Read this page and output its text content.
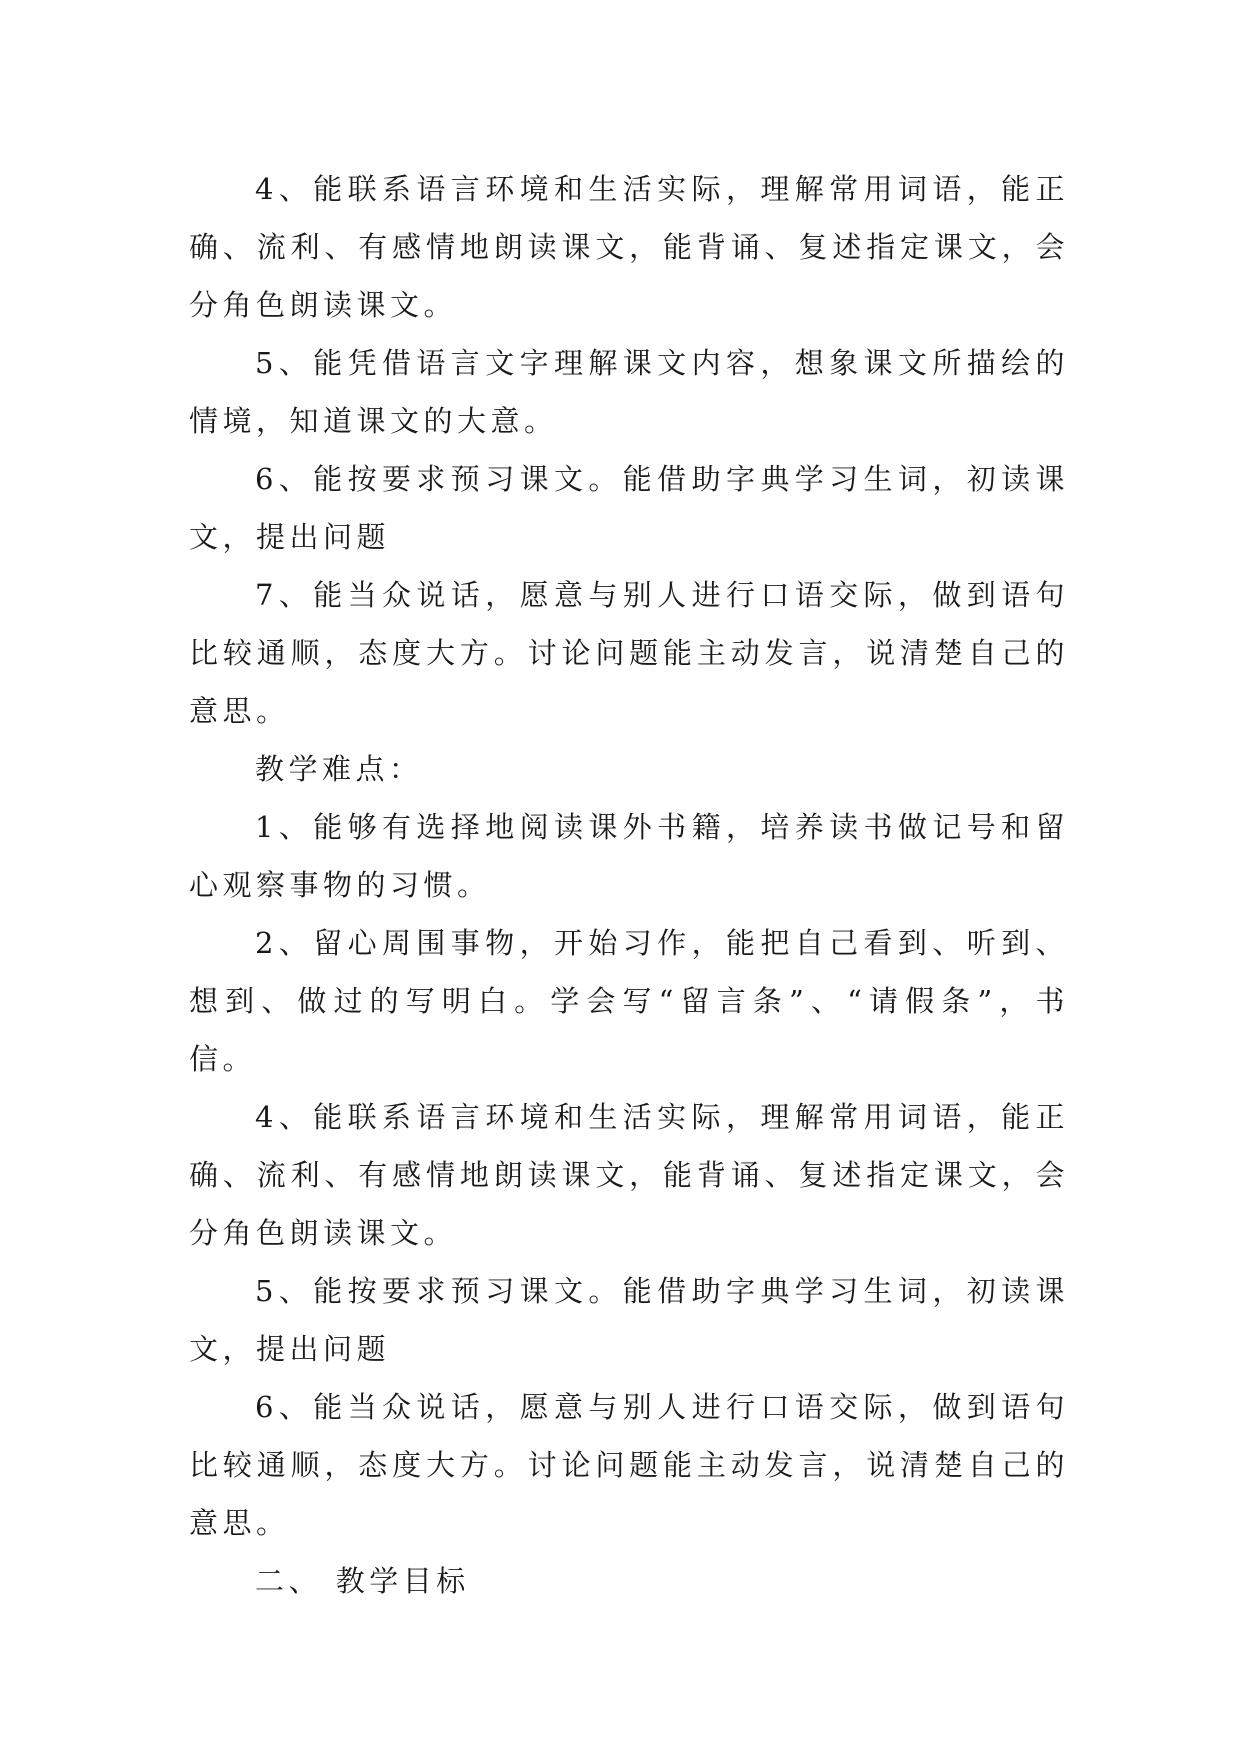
4、能联系语言环境和生活实际，理解常用词语，能正确、流利、有感情地朗读课文，能背诵、复述指定课文，会分角色朗读课文。

5、能凭借语言文字理解课文内容，想象课文所描绘的情境，知道课文的大意。

6、能按要求预习课文。能借助字典学习生词，初读课文，提出问题

7、能当众说话，愿意与别人进行口语交际，做到语句比较通顺，态度大方。讨论问题能主动发言，说清楚自己的意思。

教学难点：

1、能够有选择地阅读课外书籍，培养读书做记号和留心观察事物的习惯。

2、留心周围事物，开始习作，能把自己看到、听到、想到、做过的写明白。学会写“留言条”、“请假条”，书信。

4、能联系语言环境和生活实际，理解常用词语，能正确、流利、有感情地朗读课文，能背诵、复述指定课文，会分角色朗读课文。

5、能按要求预习课文。能借助字典学习生词，初读课文，提出问题

6、能当众说话，愿意与别人进行口语交际，做到语句比较通顺，态度大方。讨论问题能主动发言，说清楚自己的意思。

二、 教学目标
